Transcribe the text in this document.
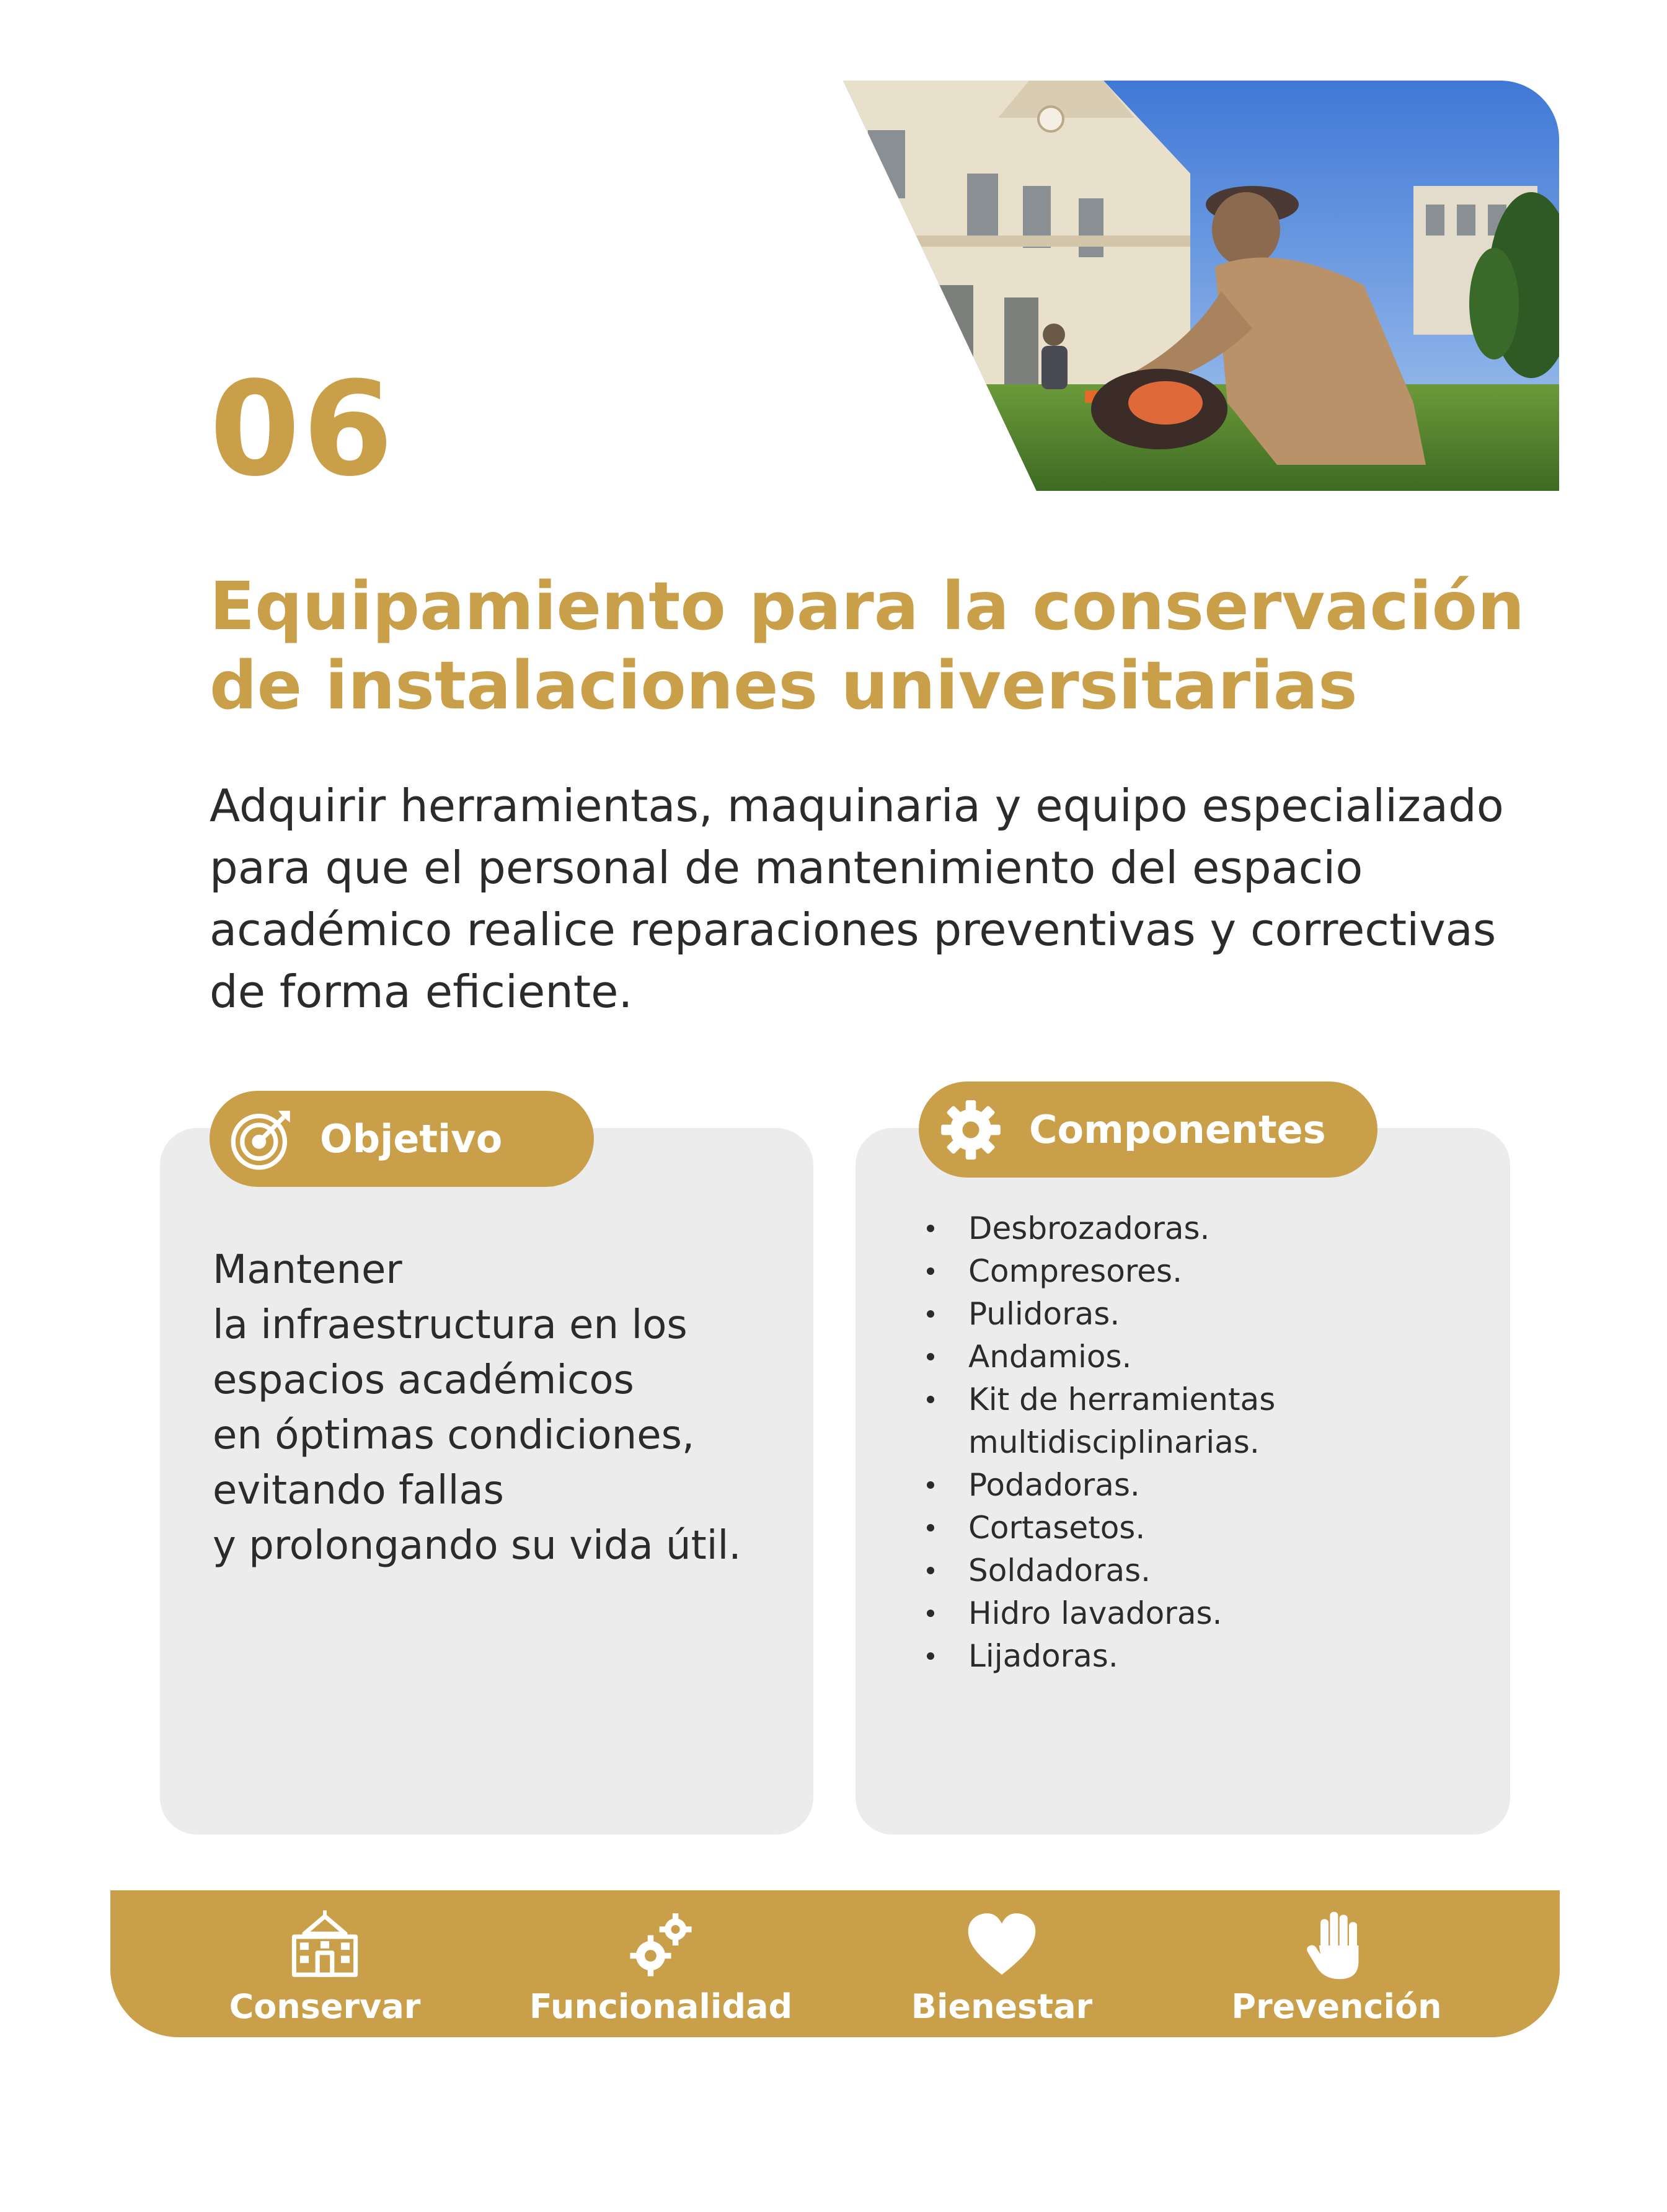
06
Equipamiento para la conservación
de instalaciones universitarias
Adquirir herramientas, maquinaria y equipo especializado
para que el personal de mantenimiento del espacio
académico realice reparaciones preventivas y correctivas
de forma eficiente.
Objetivo
Mantener
la infraestructura en los
espacios académicos
en óptimas condiciones,
evitando fallas
y prolongando su vida útil.
Componentes
Desbrozadoras.
Compresores.
Pulidoras.
Andamios.
Kit de herramientas
multidisciplinarias.
Podadoras.
Cortasetos.
Soldadoras.
Hidro lavadoras.
Lijadoras.
Conservar	Funcionalidad	Bienestar	Prevención
